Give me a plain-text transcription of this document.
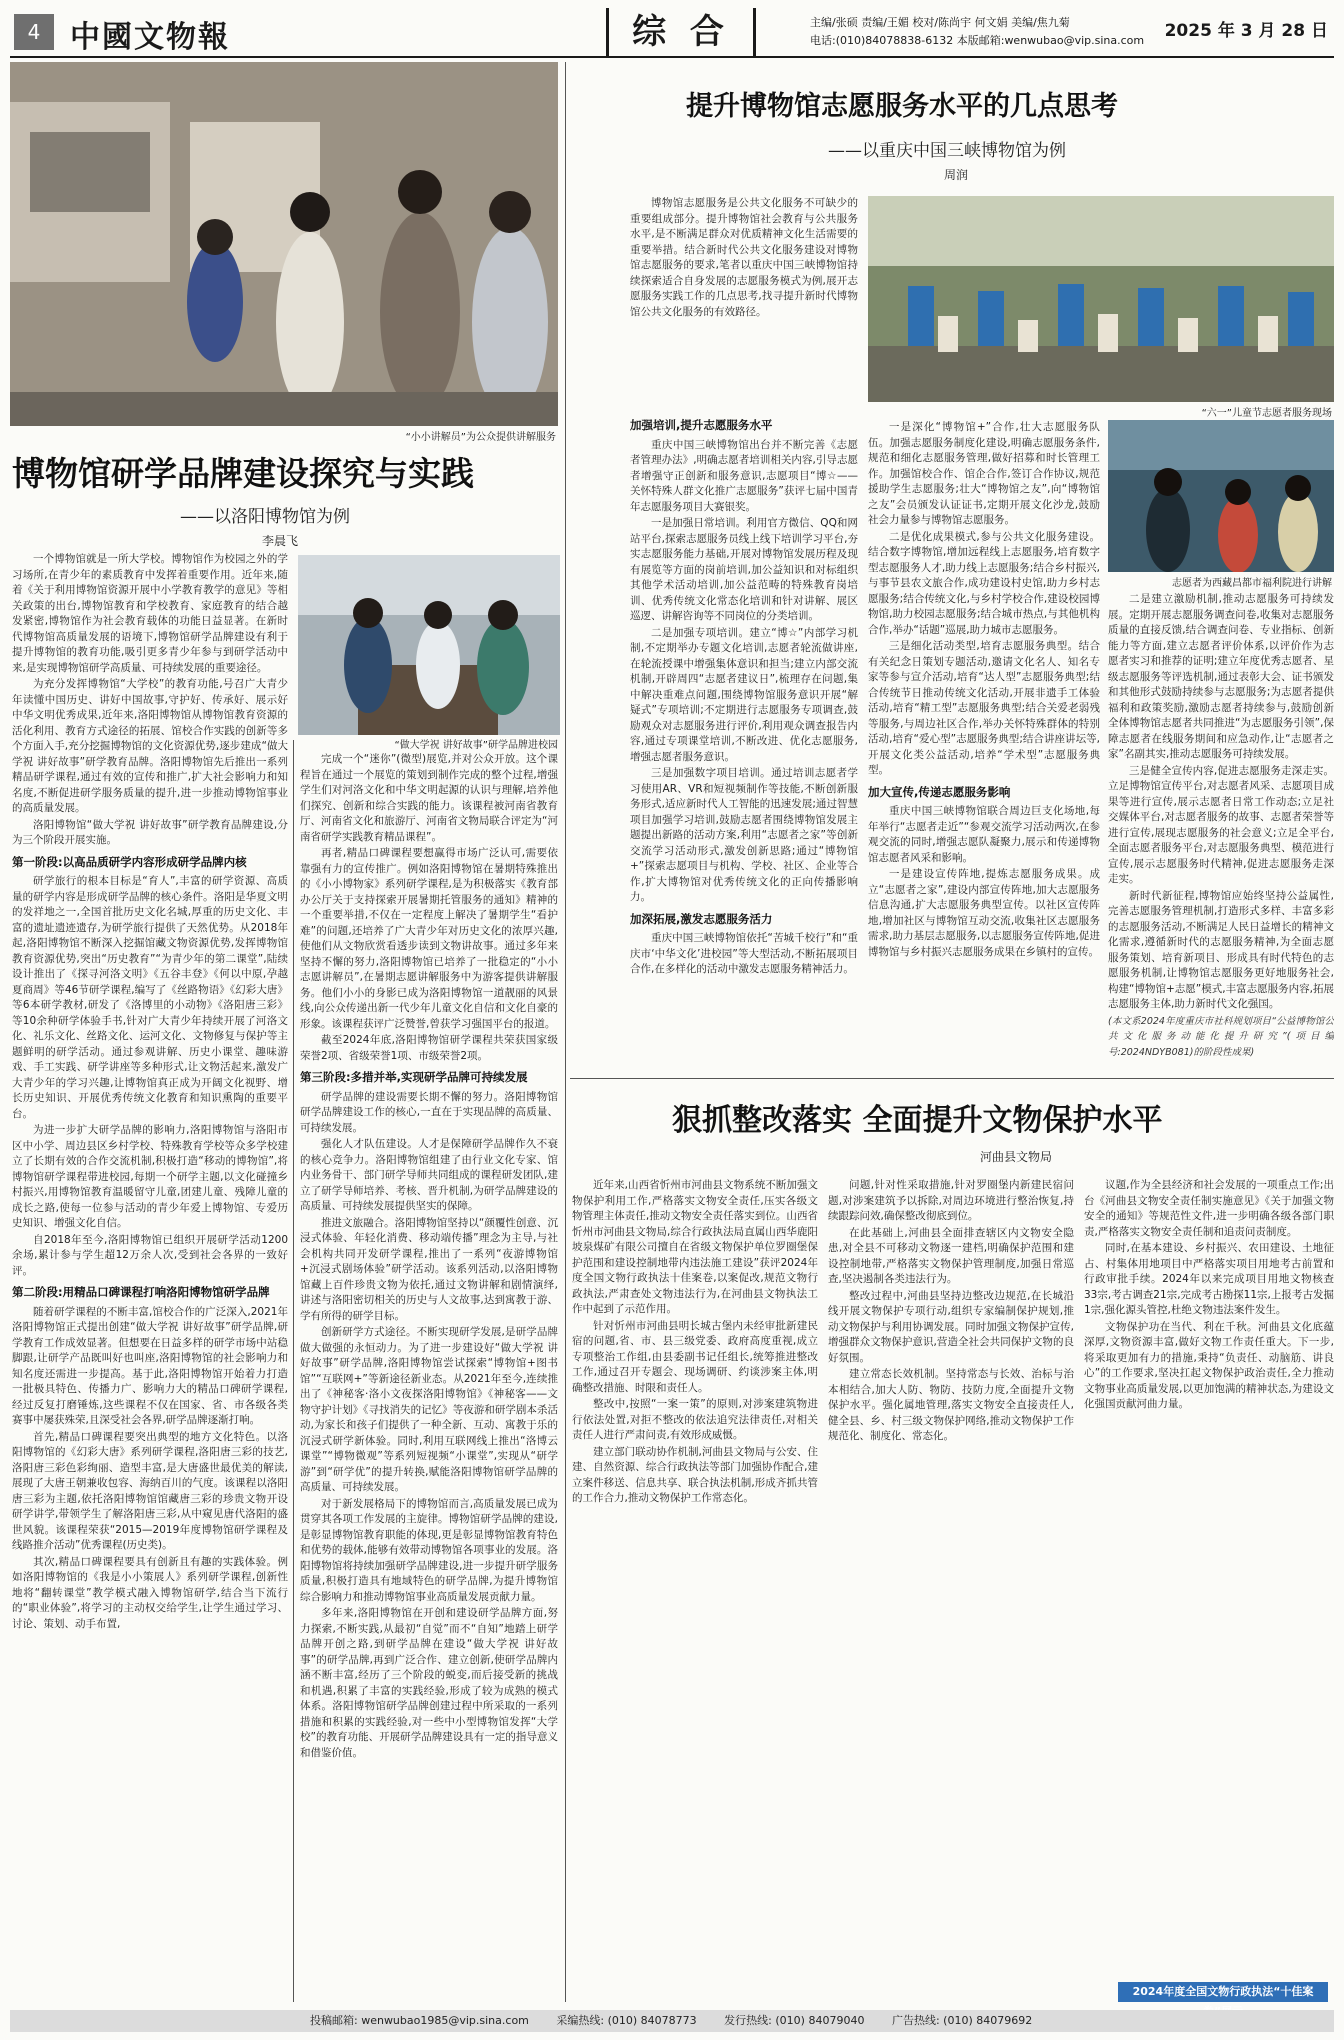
4 中國文物報	综 合	主编/张硕 责编/王媚 校对/陈尚宇 何文娟 美编/焦九菊
电话:(010)84078838-6132 本版邮箱:wenwubao@vip.sina.com 2025 年 3 月 28 日
“小小讲解员”为公众提供讲解服务
博物馆研学品牌建设探究与实践
——以洛阳博物馆为例
李晨飞
“做大学祝 讲好故事”研学品牌进校园

一个博物馆就是一所大学校。博物馆作为校园之外的学习场所,在青少年的素质教育中发挥着重要作用。近年来,随着《关于利用博物馆资源开展中小学教育教学的意见》等相关政策的出台,博物馆教育和学校教育、家庭教育的结合越发紧密,博物馆作为社会教育载体的功能日益显著。在新时代博物馆高质量发展的语境下,博物馆研学品牌建设有利于提升博物馆的教育功能,吸引更多青少年参与到研学活动中来,是实现博物馆研学高质量、可持续发展的重要途径。

为充分发挥博物馆“大学校”的教育功能,号召广大青少年读懂中国历史、讲好中国故事,守护好、传承好、展示好中华文明优秀成果,近年来,洛阳博物馆从博物馆教育资源的活化利用、教育方式途径的拓展、馆校合作实践的创新等多个方面入手,充分挖掘博物馆的文化资源优势,逐步建成“做大学祝 讲好故事”研学教育品牌。洛阳博物馆先后推出一系列精品研学课程,通过有效的宣传和推广,扩大社会影响力和知名度,不断促进研学服务质量的提升,进一步推动博物馆事业的高质量发展。

洛阳博物馆“做大学祝 讲好故事”研学教育品牌建设,分为三个阶段开展实施。

第一阶段:以高品质研学内容形成研学品牌内核

研学旅行的根本目标是“育人”,丰富的研学资源、高质量的研学内容是形成研学品牌的核心条件。洛阳是华夏文明的发祥地之一,全国首批历史文化名城,厚重的历史文化、丰富的遗址遗迹遗存,为研学旅行提供了天然优势。从2018年起,洛阳博物馆不断深入挖掘馆藏文物资源优势,发挥博物馆教育资源优势,突出“历史教育”“为青少年的第二课堂”,陆续设计推出了《探寻河洛文明》《五谷丰登》《何以中原,孕越夏商周》等46节研学课程,编写了《丝路物语》《幻彩大唐》等6本研学教材,研发了《洛博里的小动物》《洛阳唐三彩》等10余种研学体验手书,针对广大青少年持续开展了河洛文化、礼乐文化、丝路文化、运河文化、文物修复与保护等主题鲜明的研学活动。通过参观讲解、历史小课堂、趣味游戏、手工实践、研学讲座等多种形式,让文物活起来,激发广大青少年的学习兴趣,让博物馆真正成为开阔文化视野、增长历史知识、开展优秀传统文化教育和知识熏陶的重要平台。

为进一步扩大研学品牌的影响力,洛阳博物馆与洛阳市区中小学、周边县区乡村学校、特殊教育学校等众多学校建立了长期有效的合作交流机制,积极打造“移动的博物馆”,将博物馆研学课程带进校园,每期一个研学主题,以文化碰撞乡村振兴,用博物馆教育温暖留守儿童,团建儿童、残障儿童的成长之路,使每一位参与活动的青少年爱上博物馆、专爱历史知识、增强文化自信。

自2018年至今,洛阳博物馆已组织开展研学活动1200余场,累计参与学生超12万余人次,受到社会各界的一致好评。

第二阶段:用精品口碑课程打响洛阳博物馆研学品牌

随着研学课程的不断丰富,馆校合作的广泛深入,2021年洛阳博物馆正式提出创建“做大学祝 讲好故事”研学品牌,研学教育工作成效显著。但想要在日益多样的研学市场中站稳脚跟,让研学产品既叫好也叫座,洛阳博物馆的社会影响力和知名度还需进一步提高。基于此,洛阳博物馆开始着力打造一批极具特色、传播力广、影响力大的精品口碑研学课程,经过反复打磨锤炼,这些课程不仅在国家、省、市各级各类赛事中屡获殊荣,且深受社会各界,研学品牌逐渐打响。

首先,精品口碑课程要突出典型的地方文化特色。以洛阳博物馆的《幻彩大唐》系列研学课程,洛阳唐三彩的技艺,洛阳唐三彩色彩绚丽、造型丰富,是大唐盛世最优美的解读,展现了大唐王朝兼收包容、海纳百川的气度。该课程以洛阳唐三彩为主题,依托洛阳博物馆馆藏唐三彩的珍贵文物开设研学讲学,带领学生了解洛阳唐三彩,从中窥见唐代洛阳的盛世风貌。该课程荣获“2015—2019年度博物馆研学课程及线路推介活动”优秀课程(历史类)。

其次,精品口碑课程要具有创新且有趣的实践体验。例如洛阳博物馆的《我是小小策展人》系列研学课程,创新性地将“翻转课堂”教学模式融入博物馆研学,结合当下流行的“职业体验”,将学习的主动权交给学生,让学生通过学习、讨论、策划、动手布置,

完成一个“迷你”(微型)展览,并对公众开放。这个课程旨在通过一个展览的策划到制作完成的整个过程,增强学生们对河洛文化和中华文明起源的认识与理解,培养他们探究、创新和综合实践的能力。该课程被河南省教育厅、河南省文化和旅游厅、河南省文物局联合评定为“河南省研学实践教育精品课程”。

再者,精品口碑课程要想赢得市场广泛认可,需要依靠强有力的宣传推广。例如洛阳博物馆在暑期特殊推出的《小小博物家》系列研学课程,是为积极落实《教育部办公厅关于支持探索开展暑期托管服务的通知》精神的一个重要举措,不仅在一定程度上解决了暑期学生“看护难”的问题,还培养了广大青少年对历史文化的浓厚兴趣,使他们从文物欣赏看透步读到文物讲故事。通过多年来坚持不懈的努力,洛阳博物馆已培养了一批稳定的“小小志愿讲解员”,在暑期志愿讲解服务中为游客提供讲解服务。他们小小的身影已成为洛阳博物馆一道靓丽的风景线,向公众传递出新一代少年儿童文化自信和文化自豪的形象。该课程获评广泛赞誉,曾获学习强国平台的报道。

截至2024年底,洛阳博物馆研学课程共荣获国家级荣誉2项、省级荣誉1项、市级荣誉2项。

第三阶段:多措并举,实现研学品牌可持续发展

研学品牌的建设需要长期不懈的努力。洛阳博物馆研学品牌建设工作的核心,一直在于实现品牌的高质量、可持续发展。

强化人才队伍建设。人才是保障研学品牌作久不衰的核心竞争力。洛阳博物馆组建了由行业文化专家、馆内业务骨干、部门研学导师共同组成的课程研发团队,建立了研学导师培养、考核、晋升机制,为研学品牌建设的高质量、可持续发展提供坚实的保障。

推进文旅融合。洛阳博物馆坚持以“颜覆性创意、沉浸式体验、年轻化消费、移动端传播”理念为主导,与社会机构共同开发研学课程,推出了一系列“夜游博物馆+沉浸式剧场体验”研学活动。该系列活动,以洛阳博物馆藏上百件珍贵文物为依托,通过文物讲解和剧情演绎,讲述与洛阳密切相关的历史与人文故事,达到寓教于游、学有所得的研学目标。

创新研学方式途径。不断实现研学发展,是研学品牌做大做强的永恒动力。为了进一步建设好“做大学祝 讲好故事”研学品牌,洛阳博物馆尝试探索“博物馆+图书馆”“互联网+”等新途径新业态。从2021年至今,连续推出了《神秘客·洛小文夜探洛阳博物馆》《神秘客——文物守护计划》《寻找消失的记忆》等夜游和研学剧本杀活动,为家长和孩子们提供了一种全新、互动、寓教于乐的沉浸式研学新体验。同时,利用互联网线上推出“洛博云课堂”“博物微观”等系列短视频“小课堂”,实现从“研学游”到“研学优”的提升转换,赋能洛阳博物馆研学品牌的高质量、可持续发展。

对于新发展格局下的博物馆而言,高质量发展已成为贯穿其各项工作发展的主旋律。博物馆研学品牌的建设,是彰显博物馆教育职能的体现,更是彰显博物馆教育特色和优势的载体,能够有效带动博物馆各项事业的发展。洛阳博物馆将持续加强研学品牌建设,进一步提升研学服务质量,积极打造具有地域特色的研学品牌,为提升博物馆综合影响力和推动博物馆事业高质量发展贡献力量。

多年来,洛阳博物馆在开创和建设研学品牌方面,努力探索,不断实践,从最初“自觉”而不“自知”地踏上研学品牌开创之路,到研学品牌在建设“做大学祝 讲好故事”的研学品牌,再到广泛合作、建立创新,使研学品牌内涵不断丰富,经历了三个阶段的蜕变,而后接受新的挑战和机遇,积累了丰富的实践经验,形成了较为成熟的模式体系。洛阳博物馆研学品牌创建过程中所采取的一系列措施和积累的实践经验,对一些中小型博物馆发挥“大学校”的教育功能、开展研学品牌建设具有一定的指导意义和借鉴价值。

提升博物馆志愿服务水平的几点思考
——以重庆中国三峡博物馆为例
周润
“六一”儿童节志愿者服务现场

博物馆志愿服务是公共文化服务不可缺少的重要组成部分。提升博物馆社会教育与公共服务水平,是不断满足群众对优质精神文化生活需要的重要举措。结合新时代公共文化服务建设对博物馆志愿服务的要求,笔者以重庆中国三峡博物馆持续探索适合自身发展的志愿服务模式为例,展开志愿服务实践工作的几点思考,找寻提升新时代博物馆公共文化服务的有效路径。

加强培训,提升志愿服务水平

重庆中国三峡博物馆出台并不断完善《志愿者管理办法》,明确志愿者培训相关内容,引导志愿者增强守正创新和服务意识,志愿项目“博☆——关怀特殊人群文化推广志愿服务”获评七届中国青年志愿服务项目大赛银奖。

一是加强日常培训。利用官方微信、QQ和网站平台,探索志愿服务员线上线下培训学习平台,夯实志愿服务能力基础,开展对博物馆发展历程及现有展览等方面的岗前培训,加公益知识和对标组织其他学术活动培训,加公益范畴的特殊教育岗培训、优秀传统文化常态化培训和针对讲解、展区巡逻、讲解咨询等不同岗位的分类培训。

二是加强专项培训。建立“博☆”内部学习机制,不定期举办专题文化培训,志愿者轮流做讲座,在轮流授课中增强集体意识和担当;建立内部交流机制,开辟周四“志愿者建议日”,梳理存在问题,集中解决重难点问题,围绕博物馆服务意识开展“解疑式”专项培训;不定期进行志愿服务专项调查,鼓励观众对志愿服务进行评价,利用观众调查报告内容,通过专项课堂培训,不断改进、优化志愿服务,增强志愿者服务意识。

三是加强数字项目培训。通过培训志愿者学习使用AR、VR和短视频制作等技能,不断创新服务形式,适应新时代人工智能的迅速发展;通过智慧项目加强学习培训,鼓励志愿者围绕博物馆发展主题提出新路的活动方案,利用“志愿者之家”等创新交流学习活动形式,激发创新思路;通过“博物馆+”探索志愿项目与机构、学校、社区、企业等合作,扩大博物馆对优秀传统文化的正向传播影响力。

加深拓展,激发志愿服务活力

重庆中国三峡博物馆依托“苦城千校行”和“重庆市‘中华文化’进校园”等大型活动,不断拓展项目合作,在多样化的活动中激发志愿服务精神活力。

一是深化“博物馆+”合作,壮大志愿服务队伍。加强志愿服务制度化建设,明确志愿服务条件,规范和细化志愿服务管理,做好招募和时长管理工作。加强馆校合作、馆企合作,签订合作协议,规范援助学生志愿服务;壮大“博物馆之友”,向“博物馆之友”会员颁发认证证书,定期开展文化沙龙,鼓励社会力量参与博物馆志愿服务。

二是优化成果模式,参与公共文化服务建设。结合数字博物馆,增加远程线上志愿服务,培育数字型志愿服务人才,助力线上志愿服务;结合乡村振兴,与事节县农文旅合作,成功建设村史馆,助力乡村志愿服务;结合传统文化,与乡村学校合作,建设校园博物馆,助力校园志愿服务;结合城市热点,与其他机构合作,举办“话题”巡展,助力城市志愿服务。

三是细化活动类型,培育志愿服务典型。结合有关纪念日策划专题活动,邀请文化名人、知名专家等参与宣介活动,培育“达人型”志愿服务典型;结合传统节日推动传统文化活动,开展非遗手工体验活动,培育“精工型”志愿服务典型;结合关爱老弱残等服务,与周边社区合作,举办关怀特殊群体的特别活动,培育“爱心型”志愿服务典型;结合讲座讲坛等,开展文化类公益活动,培养“学术型”志愿服务典型。

加大宣传,传递志愿服务影响

重庆中国三峡博物馆联合周边巨支化场地,每年举行“志愿者走近”“参观交流学习活动两次,在参观交流的同时,增强志愿队凝聚力,展示和传递博物馆志愿者风采和影响。

一是建设宣传阵地,提炼志愿服务成果。成立“志愿者之家”,建设内部宣传阵地,加大志愿服务信息沟通,扩大志愿服务典型宣传。以社区宣传阵地,增加社区与博物馆互动交流,收集社区志愿服务需求,助力基层志愿服务,以志愿服务宣传阵地,促进博物馆与乡村振兴志愿服务成果在乡镇村的宣传。

志愿者为西藏昌都市福利院进行讲解

二是建立激励机制,推动志愿服务可持续发展。定期开展志愿服务调查问卷,收集对志愿服务质量的直接反馈,结合调查问卷、专业指标、创新能力等方面,建立志愿者评价体系,以评价作为志愿者实习和推荐的证明;建立年度优秀志愿者、星级志愿服务等评选机制,通过表彰大会、证书颁发和其他形式鼓励持续参与志愿服务;为志愿者提供福利和政策奖励,激励志愿者持续参与,鼓励创新全体博物馆志愿者共同推进“为志愿服务引领”,保障志愿者在线服务期间和应急动作,让“志愿者之家”名副其实,推动志愿服务可持续发展。

三是健全宣传内容,促进志愿服务走深走实。立足博物馆宣传平台,对志愿者风采、志愿项目成果等进行宣传,展示志愿者日常工作动态;立足社交媒体平台,对志愿者服务的故事、志愿者荣誉等进行宣传,展现志愿服务的社会意义;立足全平台,全面志愿者服务平台,对志愿服务典型、模范进行宣传,展示志愿服务时代精神,促进志愿服务走深走实。

新时代新征程,博物馆应始终坚持公益属性,完善志愿服务管理机制,打造形式多样、丰富多彩的志愿服务活动,不断满足人民日益增长的精神文化需求,遵循新时代的志愿服务精神,为全面志愿服务策划、培育新项目、形成具有时代特色的志愿服务机制,让博物馆志愿服务更好地服务社会,构建“博物馆+志愿”模式,丰富志愿服务内容,拓展志愿服务主体,助力新时代文化强国。

(本文系2024年度重庆市社科规划项目“公益博物馆公共文化服务动能化提升研究”(项目编号:2024NDYB081)的阶段性成果)
狠抓整改落实 全面提升文物保护水平
河曲县文物局

近年来,山西省忻州市河曲县文物系统不断加强文物保护利用工作,严格落实文物安全责任,压实各级文物管理主体责任,推动文物安全责任落实到位。山西省忻州市河曲县文物局,综合行政执法局直属山西华鹿阳坡泉煤矿有限公司擅自在省级文物保护单位罗圈堡保护范围和建设控制地带内违法施工建设”获评2024年度全国文物行政执法十佳案卷,以案促改,规范文物行政执法,严肃查处文物违法行为,在河曲县文物执法工作中起到了示范作用。

针对忻州市河曲县明长城古堡内未经审批新建民宿的问题,省、市、县三级党委、政府高度重视,成立专项整治工作组,由县委副书记任组长,统筹推进整改工作,通过召开专题会、现场调研、约谈涉案主体,明确整改措施、时限和责任人。

整改中,按照“一案一策”的原则,对涉案建筑物进行依法处置,对拒不整改的依法追究法律责任,对相关责任人进行严肃问责,有效形成威慑。

建立部门联动协作机制,河曲县文物局与公安、住建、自然资源、综合行政执法等部门加强协作配合,建立案件移送、信息共享、联合执法机制,形成齐抓共管的工作合力,推动文物保护工作常态化。

问题,针对性采取措施,针对罗圈堡内新建民宿问题,对涉案建筑予以拆除,对周边环境进行整治恢复,持续跟踪问效,确保整改彻底到位。

在此基础上,河曲县全面排查辖区内文物安全隐患,对全县不可移动文物逐一建档,明确保护范围和建设控制地带,严格落实文物保护管理制度,加强日常巡查,坚决遏制各类违法行为。

整改过程中,河曲县坚持边整改边规范,在长城沿线开展文物保护专项行动,组织专家编制保护规划,推动文物保护与利用协调发展。同时加强文物保护宣传,增强群众文物保护意识,营造全社会共同保护文物的良好氛围。

建立常态长效机制。坚持常态与长效、治标与治本相结合,加大人防、物防、技防力度,全面提升文物保护水平。强化属地管理,落实文物安全直接责任人,健全县、乡、村三级文物保护网络,推动文物保护工作规范化、制度化、常态化。

议题,作为全县经济和社会发展的一项重点工作;出台《河曲县文物安全责任制实施意见》《关于加强文物安全的通知》等规范性文件,进一步明确各级各部门职责,严格落实文物安全责任制和追责问责制度。

同时,在基本建设、乡村振兴、农田建设、土地征占、村集体用地项目中严格落实项目用地考古前置和行政审批手续。2024年以来完成项目用地文物核查33宗,考古调查21宗,完成考古勘探11宗,上报考古发掘1宗,强化源头管控,杜绝文物违法案件发生。

文物保护功在当代、利在千秋。河曲县文化底蕴深厚,文物资源丰富,做好文物工作责任重大。下一步,将采取更加有力的措施,秉持“负责任、动脑筋、讲良心”的工作要求,坚决扛起文物保护政治责任,全力推动文物事业高质量发展,以更加饱满的精神状态,为建设文化强国贡献河曲力量。

2024年度全国文物行政执法“十佳案
投稿邮箱: wenwubao1985@vip.sina.com	采编热线: (010) 84078773	发行热线: (010) 84079040	广告热线: (010) 84079692
